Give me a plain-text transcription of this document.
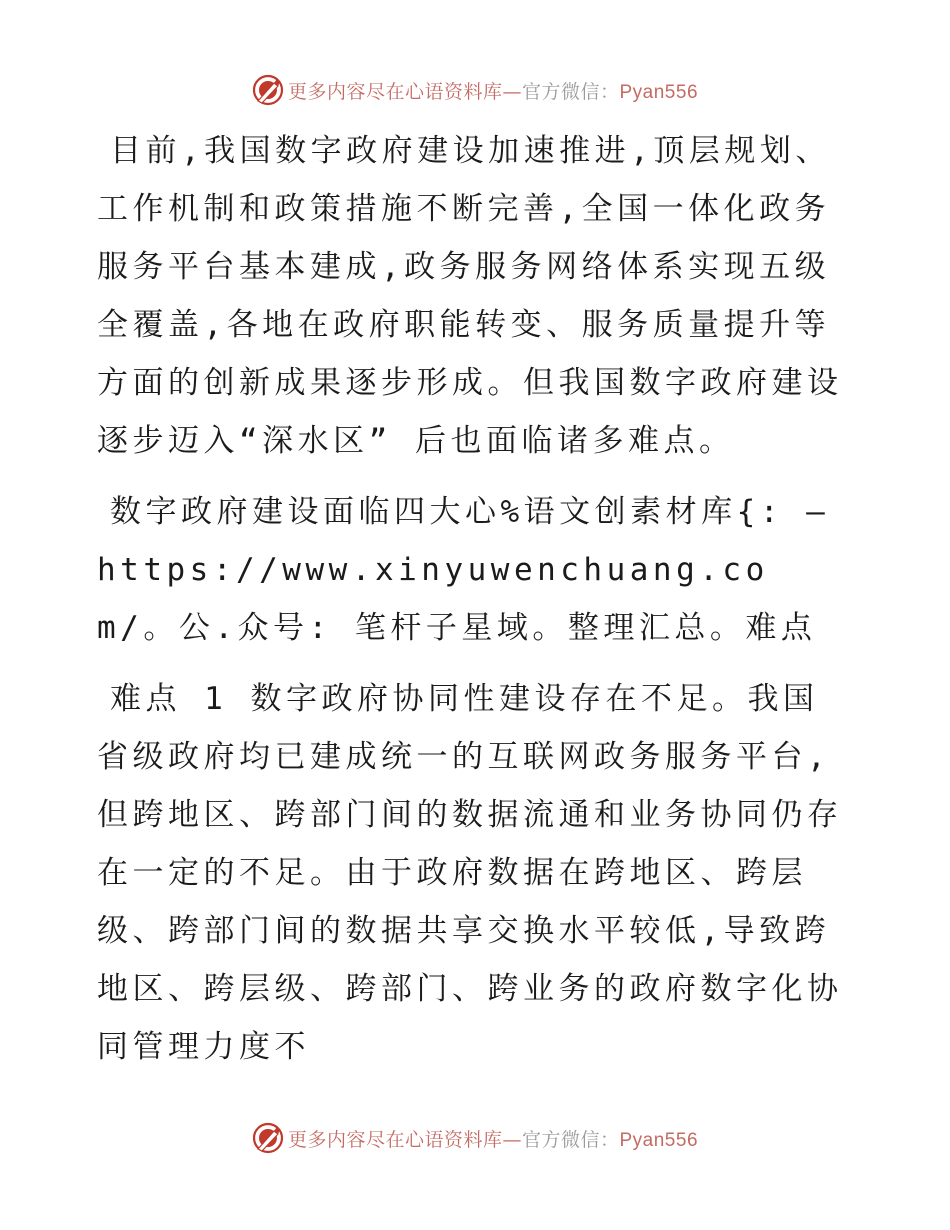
更多内容尽在心语资料库—官方微信：Pyan556

目前,我国数字政府建设加速推进,顶层规划、工作机制和政策措施不断完善,全国一体化政务服务平台基本建成,政务服务网络体系实现五级全覆盖,各地在政府职能转变、服务质量提升等方面的创新成果逐步形成。但我国数字政府建设逐步迈入“深水区” 后也面临诸多难点。

数字政府建设面临四大心%语文创素材库{: —https://www.xinyuwenchuang.com/。公.众号: 笔杆子星域。整理汇总。难点

难点 1 数字政府协同性建设存在不足。我国省级政府均已建成统一的互联网政务服务平台,但跨地区、跨部门间的数据流通和业务协同仍存在一定的不足。由于政府数据在跨地区、跨层级、跨部门间的数据共享交换水平较低,导致跨地区、跨层级、跨部门、跨业务的政府数字化协同管理力度不

更多内容尽在心语资料库—官方微信：Pyan556
